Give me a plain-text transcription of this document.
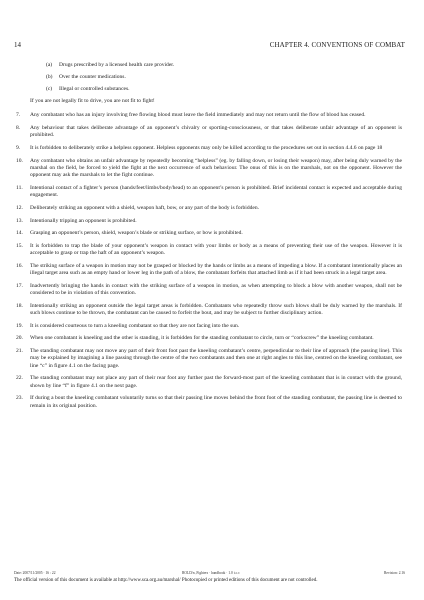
14	CHAPTER 4. CONVENTIONS OF COMBAT
(a)	Drugs prescribed by a licensed health care provider.
(b)	Over the counter medications.
(c)	Illegal or controlled substances.

If you are not legally fit to drive, you are not fit to fight!

7.	Any combatant who has an injury involving free flowing blood must leave the field immediately and may not return until the flow of blood has ceased.
8.	Any behaviour that takes deliberate advantage of an opponent’s chivalry or sporting-consciousness, or that takes deliberate unfair advantage of an opponent is prohibited.
9.	It is forbidden to deliberately strike a helpless opponent. Helpless opponents may only be killed according to the procedures set out in section 4.4.6 on page 18
10.	Any combatant who obtains an unfair advantage by repeatedly becoming “helpless” (eg. by falling down, or losing their weapon) may, after being duly warned by the marshal on the field, be forced to yield the fight at the next occurrence of such behaviour. The onus of this is on the marshals, not on the opponent. However the opponent may ask the marshals to let the fight continue.
11.	Intentional contact of a fighter’s person (hands/feet/limbs/body/head) to an opponent’s person is prohibited. Brief incidental contact is expected and acceptable during engagement.
12.	Deliberately striking an opponent with a shield, weapon haft, bow, or any part of the body is forbidden.
13.	Intentionally tripping an opponent is prohibited.
14.	Grasping an opponent’s person, shield, weapon’s blade or striking surface, or bow is prohibited.
15.	It is forbidden to trap the blade of your opponent’s weapon in contact with your limbs or body as a means of preventing their use of the weapon. However it is acceptable to grasp or trap the haft of an opponent’s weapon.
16.	The striking surface of a weapon in motion may not be grasped or blocked by the hands or limbs as a means of impeding a blow. If a combatant intentionally places an illegal target area such as an empty hand or lower leg in the path of a blow, the combatant forfeits that attached limb as if it had been struck in a legal target area.
17.	Inadvertently bringing the hands in contact with the striking surface of a weapon in motion, as when attempting to block a blow with another weapon, shall not be considered to be in violation of this convention.
18.	Intentionally striking an opponent outside the legal target areas is forbidden. Combatants who repeatedly throw such blows shall be duly warned by the marshals. If such blows continue to be thrown, the combatant can be caused to forfeit the bout, and may be subject to further disciplinary action.
19.	It is considered courteous to turn a kneeling combatant so that they are not facing into the sun.
20.	When one combatant is kneeling and the other is standing, it is forbidden for the standing combatant to circle, turn or “corkscrew” the kneeling combatant.
21.	The standing combatant may not move any part of their front foot past the kneeling combatant’s centre, perpendicular to their line of approach (the passing line). This may be explained by imagining a line passing through the centre of the two combatants and then one at right angles to this line, centred on the kneeling combatant, see line “c” in figure 4.1 on the facing page.
22.	The standing combatant may not place any part of their rear foot any further past the forward-most part of the kneeling combatant that is in contact with the ground, shown by line “f” in figure 4.1 on the next page.
23.	If during a bout the kneeling combatant voluntarily turns so that their passing line moves behind the front foot of the standing combatant, the passing line is deemed to remain in its original position.
Date: 2007/11/2005 · 16 : 22	ROLD/n ,Fighters · handbook · 1.0 t.c.c	Revision: 2.16
The official version of this document is available at http://www.sca.org.au/marshal/ Photocopied or printed editions of this document are not controlled.
